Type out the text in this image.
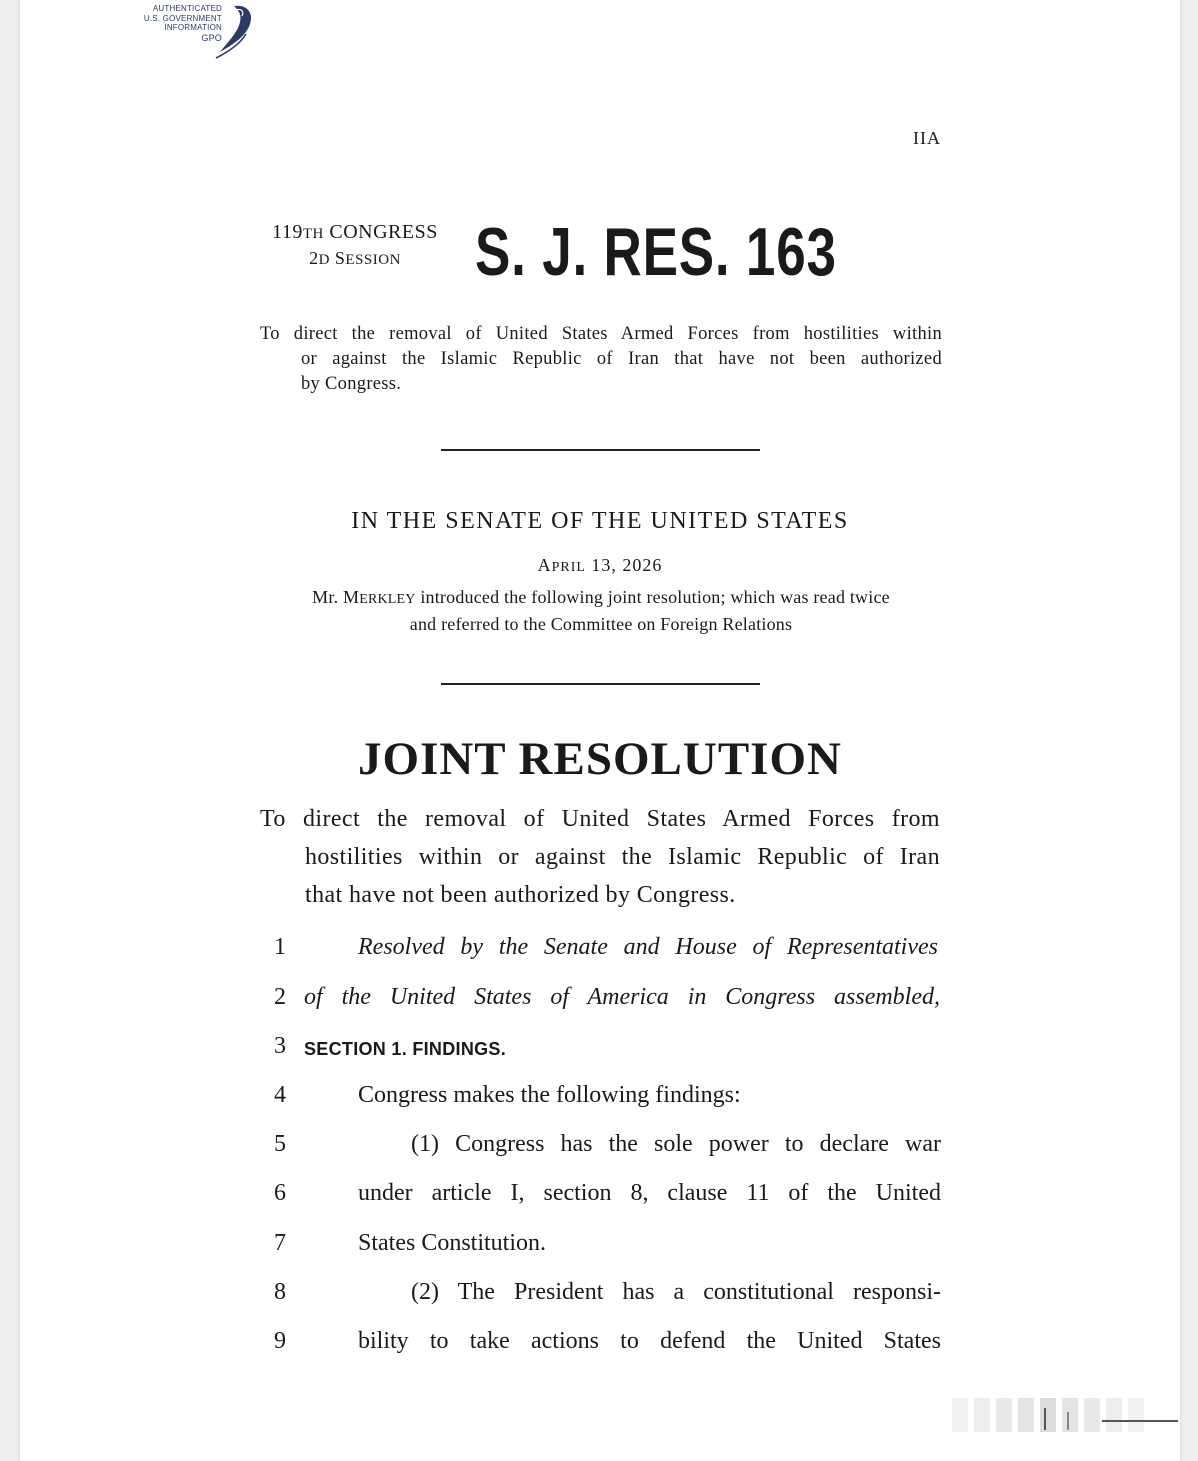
AUTHENTICATED
U.S. GOVERNMENT
INFORMATION
GPO
IIA
119TH CONGRESS
2D SESSION	S. J. RES. 163
To direct the removal of United States Armed Forces from hostilities within
or against the Islamic Republic of Iran that have not been authorized
by Congress.
IN THE SENATE OF THE UNITED STATES
APRIL 13, 2026
Mr. MERKLEY introduced the following joint resolution; which was read twice
and referred to the Committee on Foreign Relations
JOINT RESOLUTION
To direct the removal of United States Armed Forces from
hostilities within or against the Islamic Republic of Iran
that have not been authorized by Congress.
1	Resolved by the Senate and House of Representatives
2 of the United States of America in Congress assembled,
3	SECTION 1. FINDINGS.
4	Congress makes the following findings:
5	(1) Congress has the sole power to declare war
6	under article I, section 8, clause 11 of the United
7	States Constitution.
8	(2) The President has a constitutional responsi-
9	bility to take actions to defend the United States
